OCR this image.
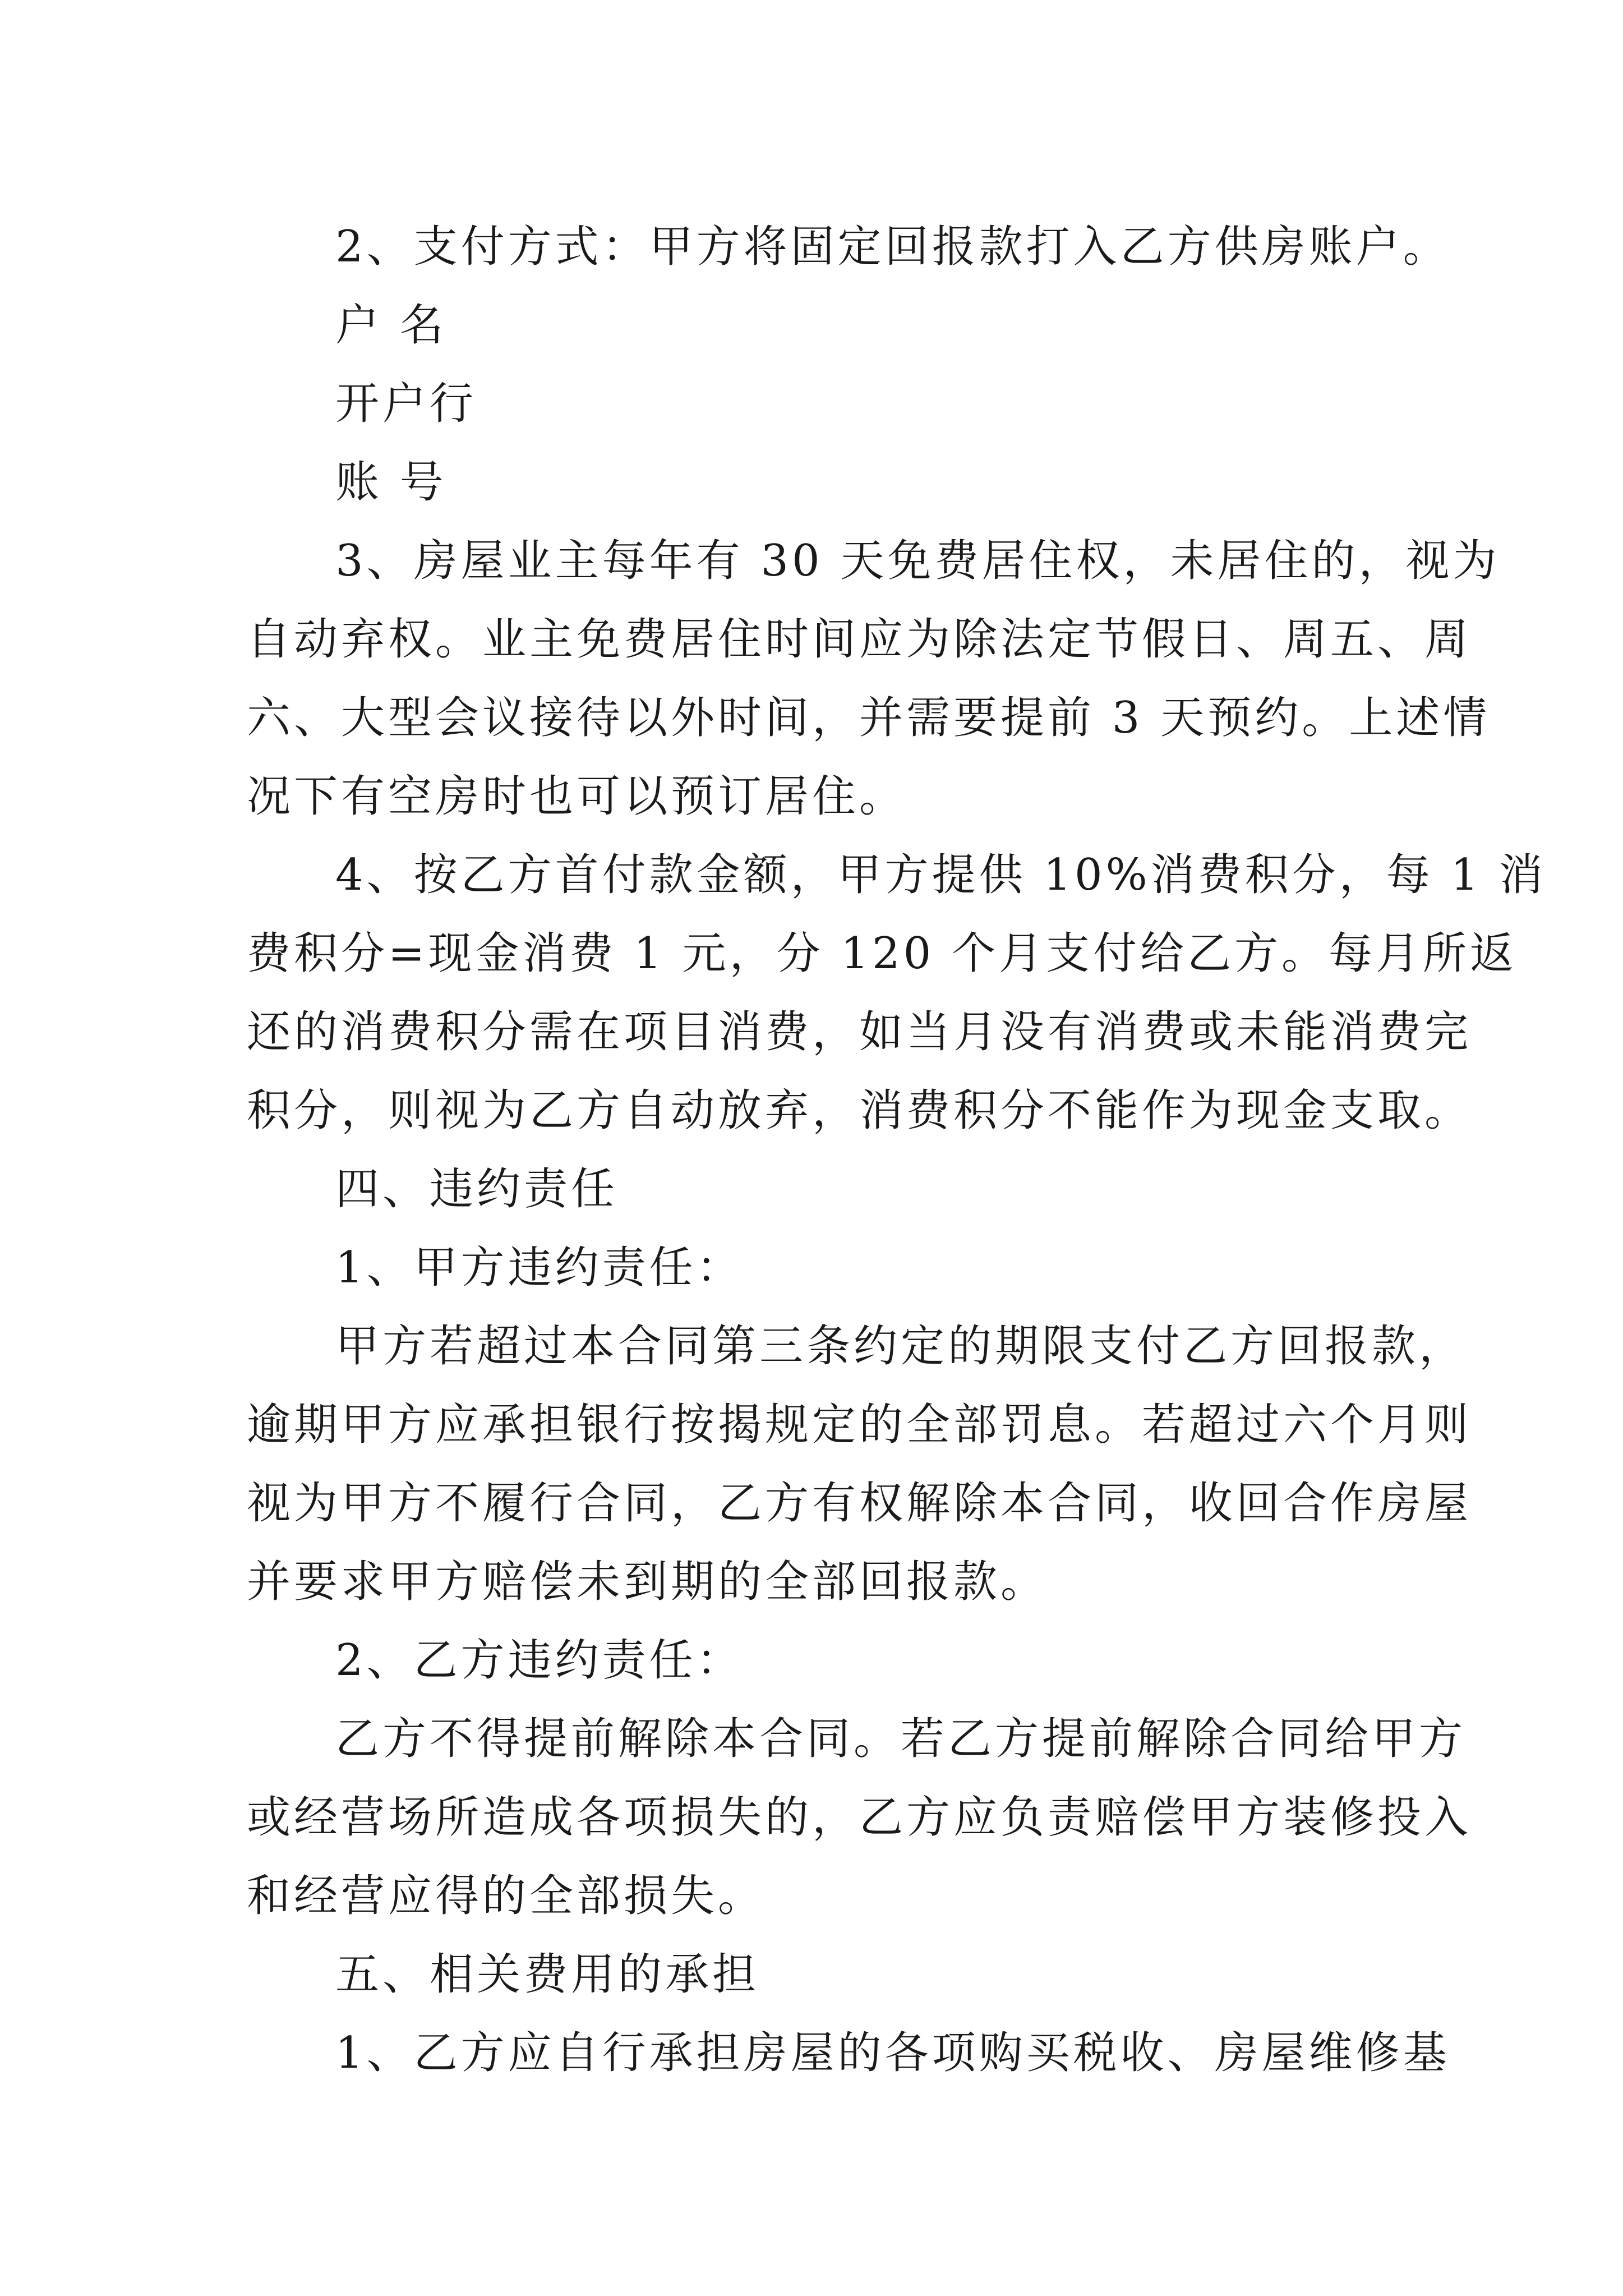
2、支付方式：甲方将固定回报款打入乙方供房账户。
户 名
开户行
账 号
3、房屋业主每年有 30 天免费居住权，未居住的，视为
自动弃权。业主免费居住时间应为除法定节假日、周五、周
六、大型会议接待以外时间，并需要提前 3 天预约。上述情
况下有空房时也可以预订居住。
4、按乙方首付款金额，甲方提供 10%消费积分，每 1 消
费积分=现金消费 1 元，分 120 个月支付给乙方。每月所返
还的消费积分需在项目消费，如当月没有消费或未能消费完
积分，则视为乙方自动放弃，消费积分不能作为现金支取。
四、违约责任
1、甲方违约责任：
甲方若超过本合同第三条约定的期限支付乙方回报款，
逾期甲方应承担银行按揭规定的全部罚息。若超过六个月则
视为甲方不履行合同，乙方有权解除本合同，收回合作房屋
并要求甲方赔偿未到期的全部回报款。
2、乙方违约责任：
乙方不得提前解除本合同。若乙方提前解除合同给甲方
或经营场所造成各项损失的，乙方应负责赔偿甲方装修投入
和经营应得的全部损失。
五、相关费用的承担
1、乙方应自行承担房屋的各项购买税收、房屋维修基
